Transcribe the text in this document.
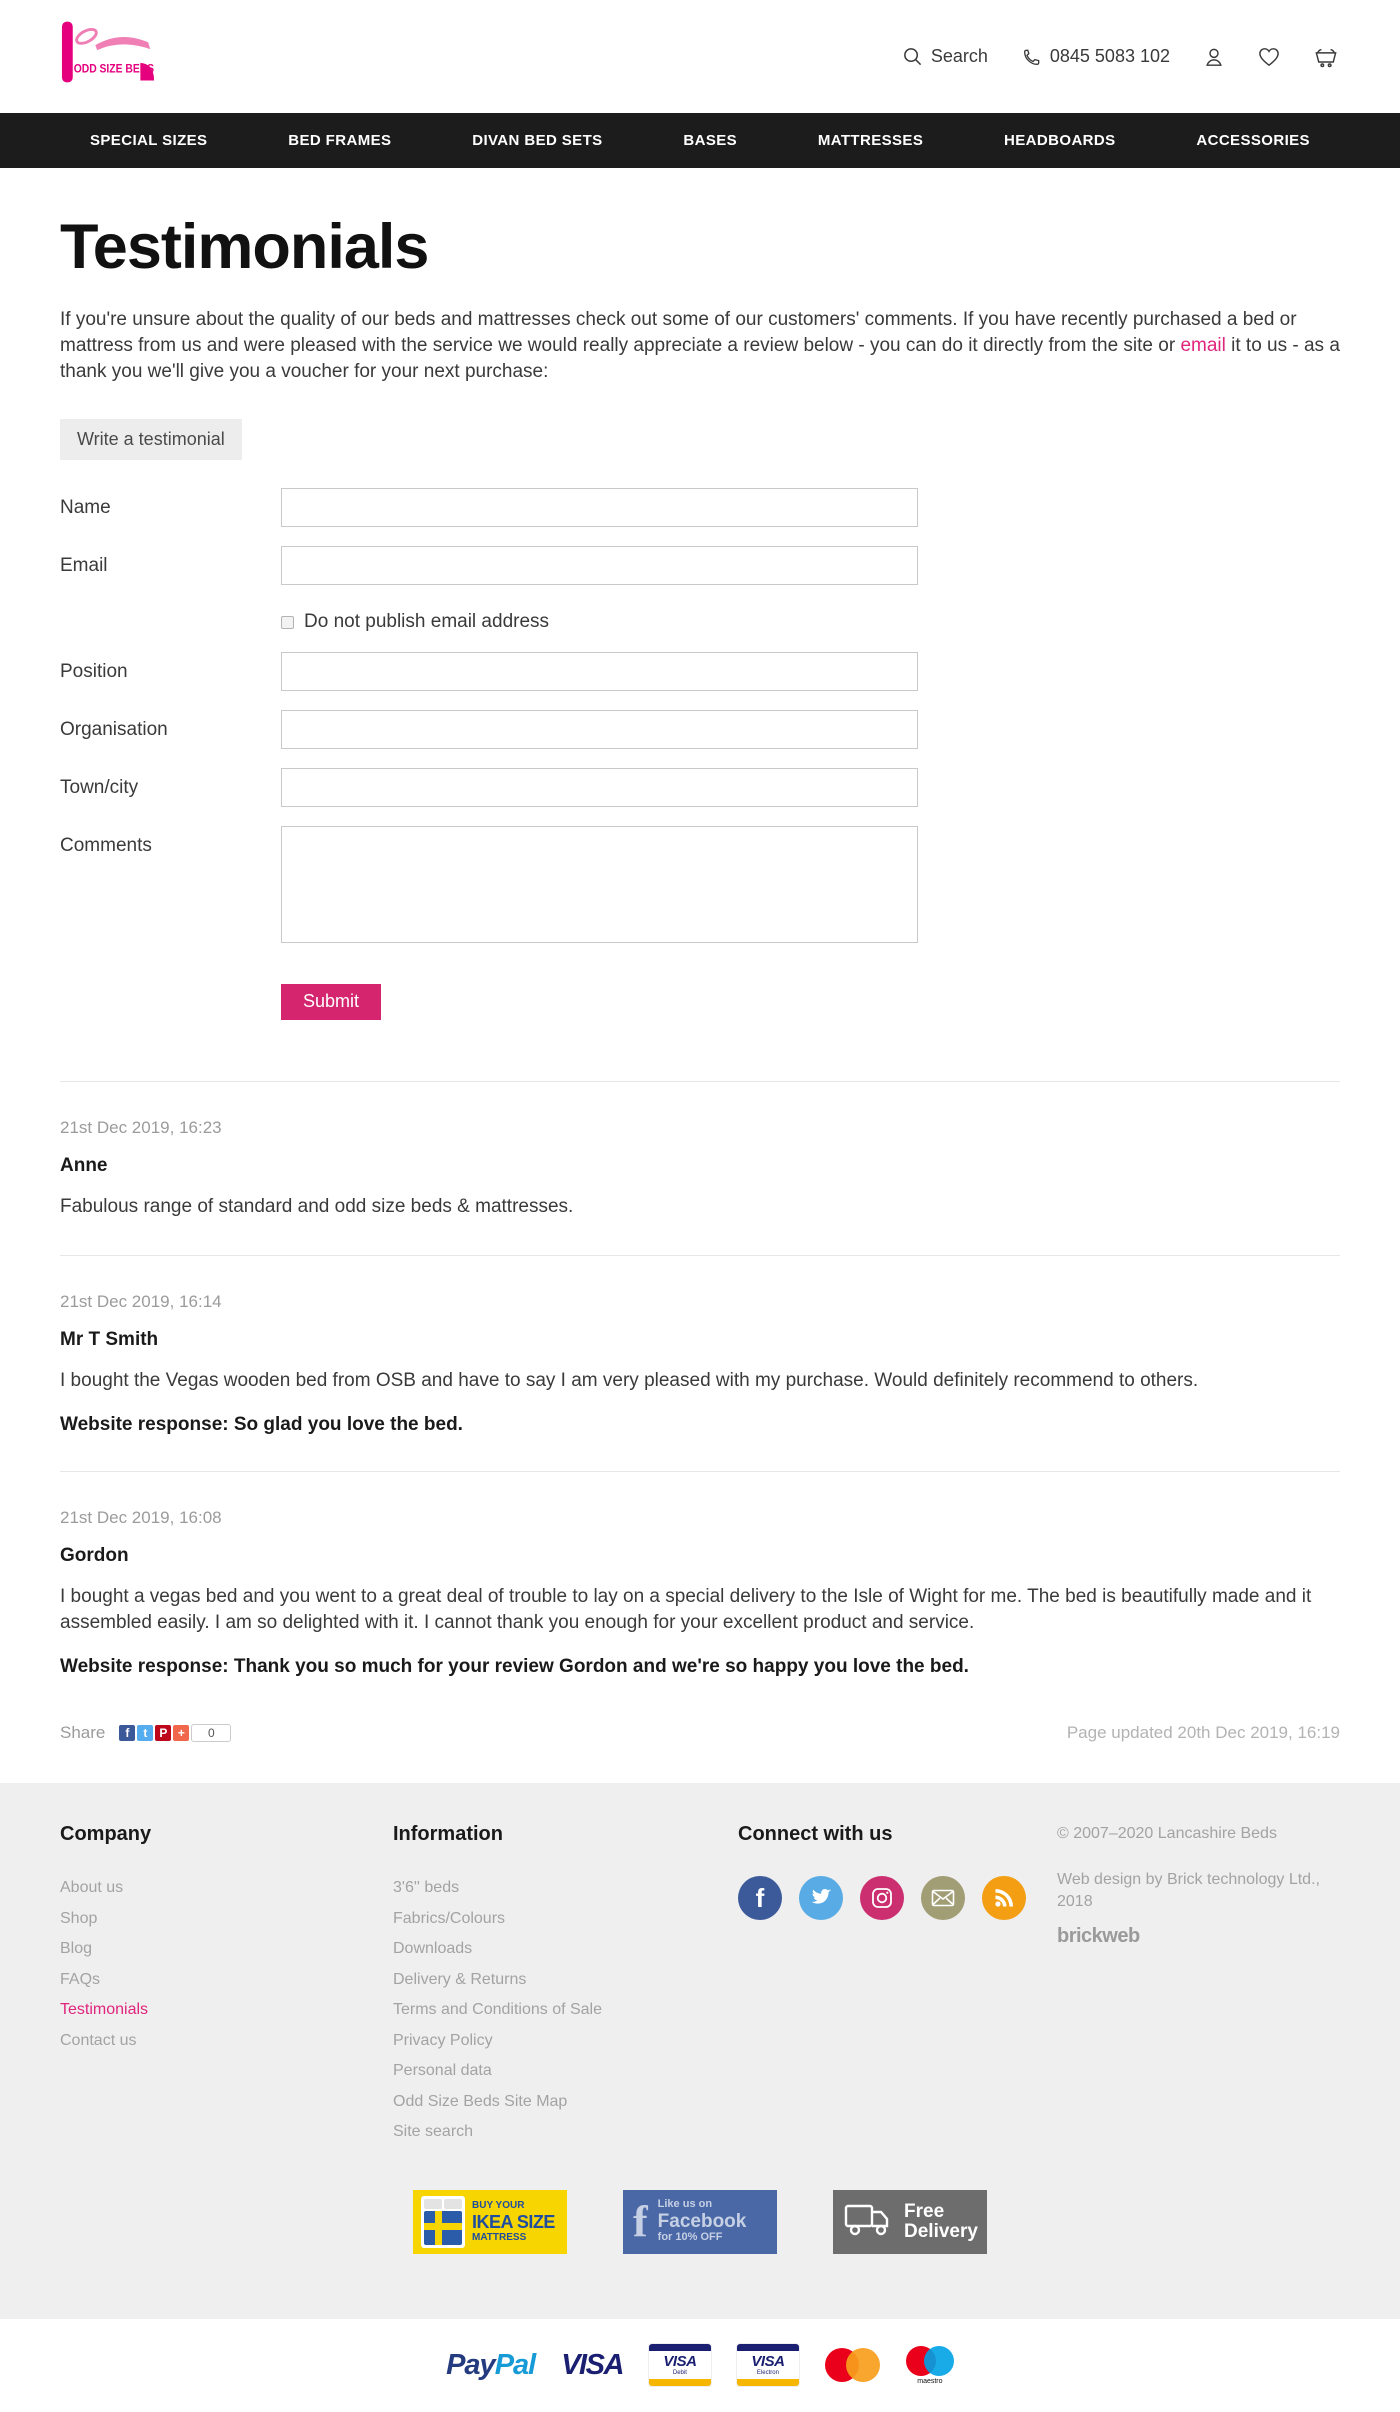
ODD SIZE BEDS
Search	0845 5083 102
SPECIAL SIZES	BED FRAMES	DIVAN BED SETS	BASES	MATTRESSES	HEADBOARDS	ACCESSORIES
Testimonials

If you're unsure about the quality of our beds and mattresses check out some of our customers' comments. If you have recently purchased a bed or mattress from us and were pleased with the service we would really appreciate a review below - you can do it directly from the site or email it to us - as a thank you we'll give you a voucher for your next purchase:

Write a testimonial
Name
Email
Do not publish email address
Position
Organisation
Town/city
Comments
Submit
21st Dec 2019, 16:23
Anne
Fabulous range of standard and odd size beds & mattresses.
21st Dec 2019, 16:14
Mr T Smith
I bought the Vegas wooden bed from OSB and have to say I am very pleased with my purchase. Would definitely recommend to others.
Website response: So glad you love the bed.
21st Dec 2019, 16:08
Gordon
I bought a vegas bed and you went to a great deal of trouble to lay on a special delivery to the Isle of Wight for me. The bed is beautifully made and it assembled easily. I am so delighted with it. I cannot thank you enough for your excellent product and service.
Website response: Thank you so much for your review Gordon and we're so happy you love the bed.
Share	f	t P +	0	Page updated 20th Dec 2019, 16:19
Company
About us
Shop
Blog
FAQs
Testimonials
Contact us
Information
3'6'' beds
Fabrics/Colours
Downloads
Delivery & Returns
Terms and Conditions of Sale
Privacy Policy
Personal data
Odd Size Beds Site Map
Site search
Connect with us
f

© 2007–2020 Lancashire Beds

Web design by Brick technology Ltd., 2018

brickweb
BUY YOUR
IKEA SIZE
MATTRESS	f Like us on
Facebook
for 10% OFF
Free
Delivery
PayPal VISA	VISA
Debit
VISA
Electron
maestro
